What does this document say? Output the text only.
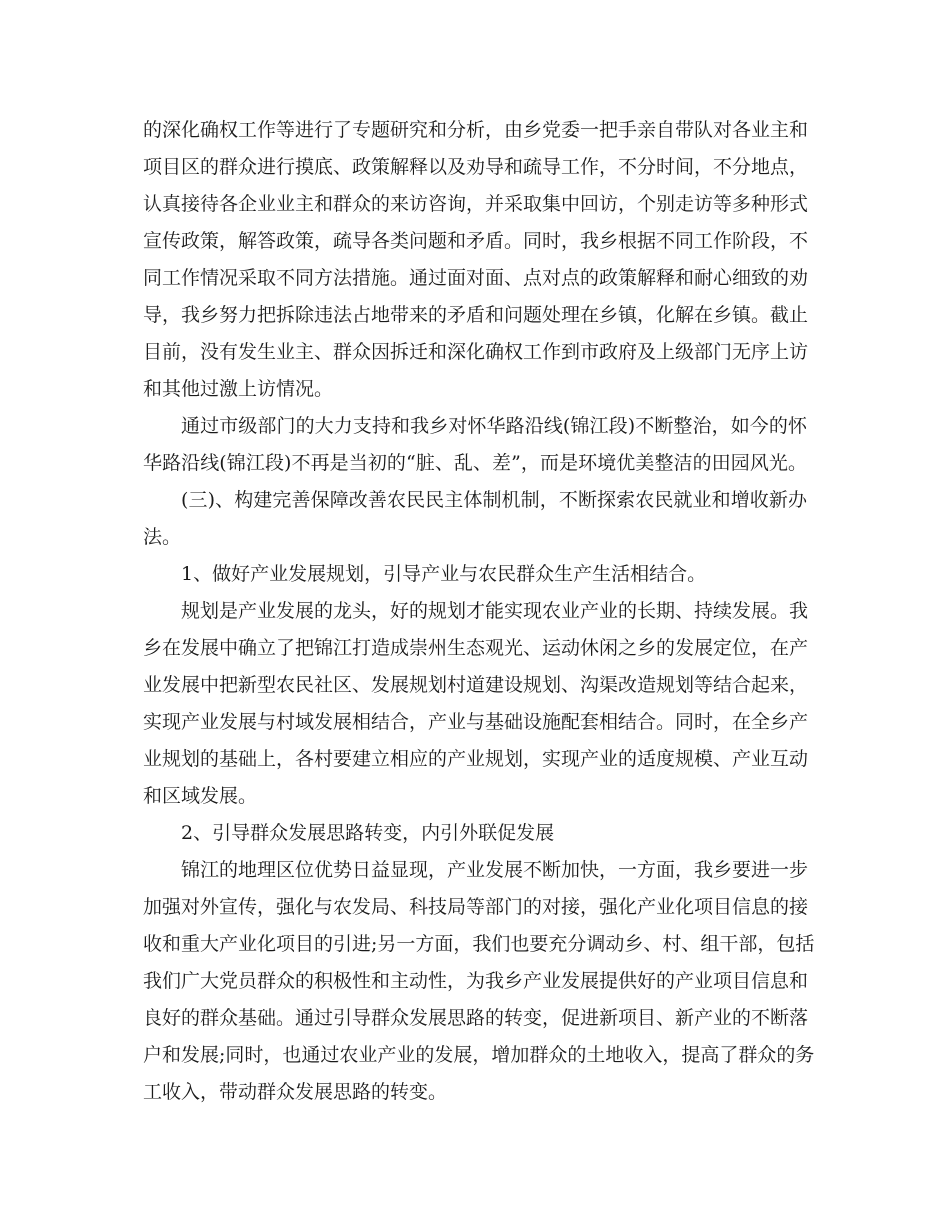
的深化确权工作等进行了专题研究和分析，由乡党委一把手亲自带队对各业主和
项目区的群众进行摸底、政策解释以及劝导和疏导工作，不分时间，不分地点，
认真接待各企业业主和群众的来访咨询，并采取集中回访，个别走访等多种形式
宣传政策，解答政策，疏导各类问题和矛盾。同时，我乡根据不同工作阶段，不
同工作情况采取不同方法措施。通过面对面、点对点的政策解释和耐心细致的劝
导，我乡努力把拆除违法占地带来的矛盾和问题处理在乡镇，化解在乡镇。截止
目前，没有发生业主、群众因拆迁和深化确权工作到市政府及上级部门无序上访
和其他过激上访情况。
通过市级部门的大力支持和我乡对怀华路沿线(锦江段)不断整治，如今的怀
华路沿线(锦江段)不再是当初的“脏、乱、差”，而是环境优美整洁的田园风光。
(三)、构建完善保障改善农民民主体制机制，不断探索农民就业和增收新办
法。
1、做好产业发展规划，引导产业与农民群众生产生活相结合。
规划是产业发展的龙头，好的规划才能实现农业产业的长期、持续发展。我
乡在发展中确立了把锦江打造成崇州生态观光、运动休闲之乡的发展定位，在产
业发展中把新型农民社区、发展规划村道建设规划、沟渠改造规划等结合起来，
实现产业发展与村域发展相结合，产业与基础设施配套相结合。同时，在全乡产
业规划的基础上，各村要建立相应的产业规划，实现产业的适度规模、产业互动
和区域发展。
2、引导群众发展思路转变，内引外联促发展
锦江的地理区位优势日益显现，产业发展不断加快，一方面，我乡要进一步
加强对外宣传，强化与农发局、科技局等部门的对接，强化产业化项目信息的接
收和重大产业化项目的引进;另一方面，我们也要充分调动乡、村、组干部，包括
我们广大党员群众的积极性和主动性，为我乡产业发展提供好的产业项目信息和
良好的群众基础。通过引导群众发展思路的转变，促进新项目、新产业的不断落
户和发展;同时，也通过农业产业的发展，增加群众的土地收入，提高了群众的务
工收入，带动群众发展思路的转变。
